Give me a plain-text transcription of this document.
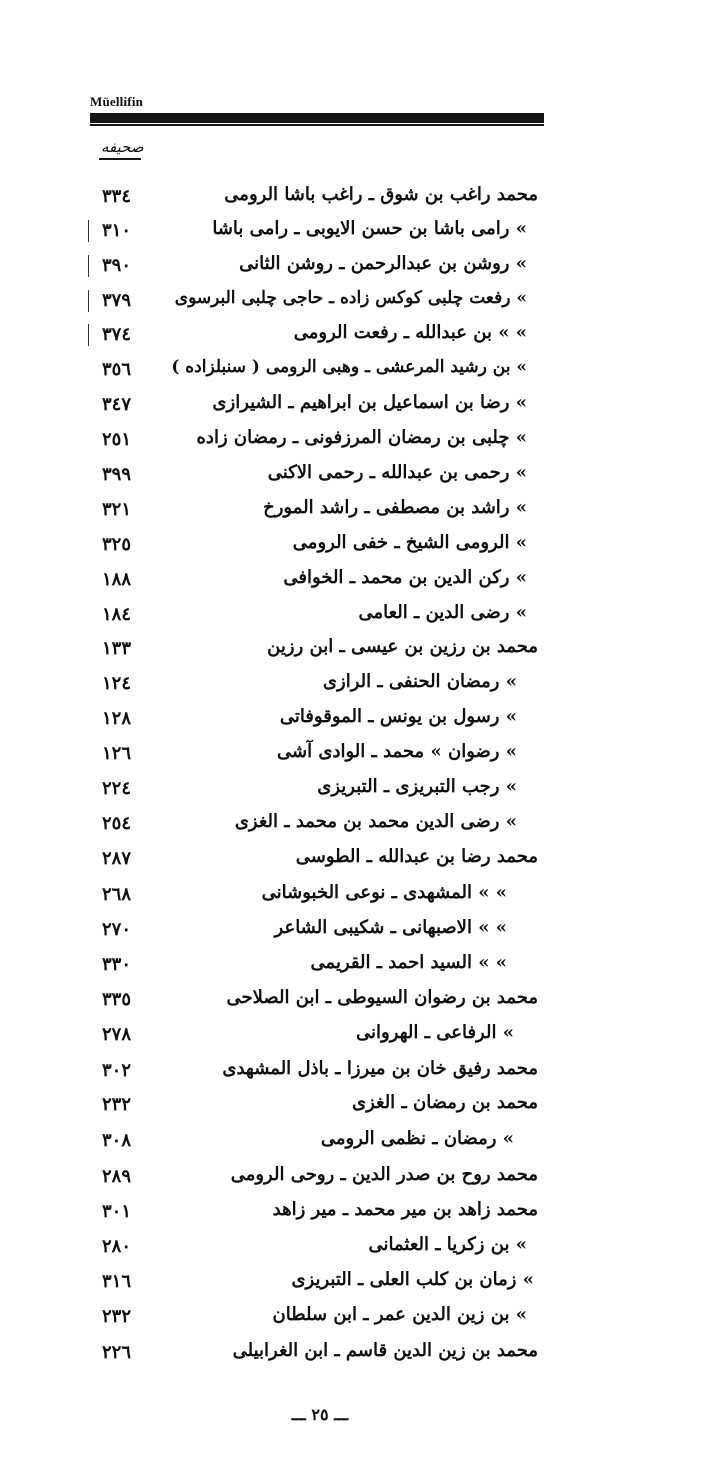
Müellifin
صحيفه
٣٣٤	محمد راغب بن شوق ـ راغب باشا الرومى
٣١٠	» رامى باشا بن حسن الايوبى ـ رامى باشا
٣٩٠	» روشن بن عبدالرحمن ـ روشن الثانى
٣٧٩	» رفعت چلبى كوكس زاده ـ حاجى چلبى البرسوى
٣٧٤	» » بن عبدالله ـ رفعت الرومى
٣٥٦ » بن رشيد المرعشى ـ وهبى الرومى ( سنبلزاده )
٣٤٧	» رضا بن اسماعيل بن ابراهيم ـ الشيرازى
٢٥١	» چلبى بن رمضان المرزفونى ـ رمضان زاده
٣٩٩	» رحمى بن عبدالله ـ رحمى الاكنى
٣٢١	» راشد بن مصطفى ـ راشد المورخ
٣٢٥	» الرومى الشيخ ـ خفى الرومى
١٨٨	» ركن الدين بن محمد ـ الخوافى
١٨٤	» رضى الدين ـ العامى
١٣٣	محمد بن رزين بن عيسى ـ ابن رزين
١٢٤	» رمضان الحنفى ـ الرازى
١٢٨	» رسول بن يونس ـ الموقوفاتى
١٢٦	» رضوان » محمد ـ الوادى آشى
٢٢٤	» رجب التبريزى ـ التبريزى
٢٥٤	» رضى الدين محمد بن محمد ـ الغزى
٢٨٧	محمد رضا بن عبدالله ـ الطوسى
٢٦٨	» » المشهدى ـ نوعى الخبوشانى
٢٧٠	» » الاصبهانى ـ شكيبى الشاعر
٣٣٠	» » السيد احمد ـ القريمى
٣٣٥	محمد بن رضوان السيوطى ـ ابن الصلاحى
٢٧٨	» الرفاعى ـ الهروانى
٣٠٢	محمد رفيق خان بن ميرزا ـ باذل المشهدى
٢٣٢	محمد بن رمضان ـ الغزى
٣٠٨	» رمضان ـ نظمى الرومى
٢٨٩	محمد روح بن صدر الدين ـ روحى الرومى
٣٠١	محمد زاهد بن مير محمد ـ مير زاهد
٢٨٠	» بن زكريا ـ العثمانى
٣١٦	» زمان بن كلب العلى ـ التبريزى
٢٣٢	» بن زين الدين عمر ـ ابن سلطان
٢٢٦	محمد بن زين الدين قاسم ـ ابن الغرابيلى
ـــ ٢٥ ـــ
